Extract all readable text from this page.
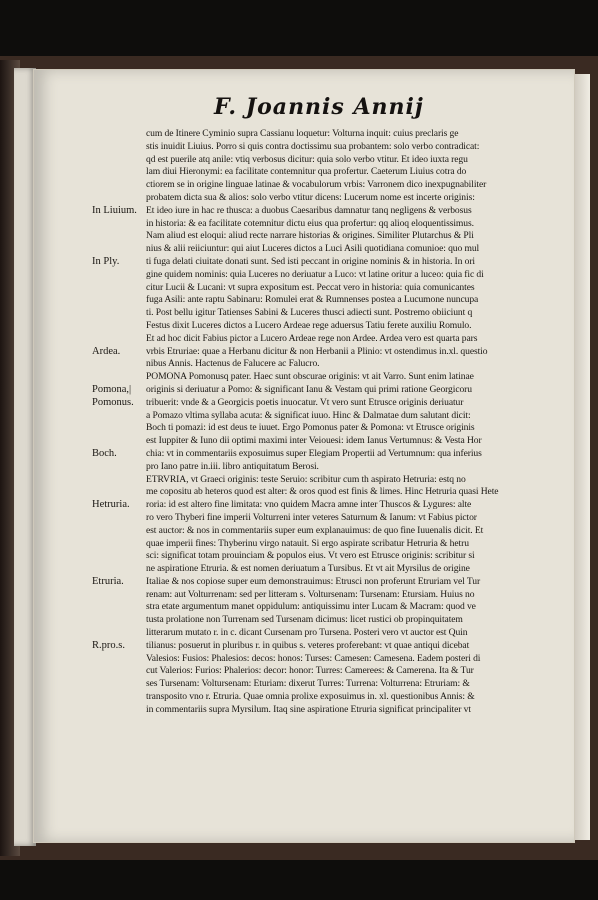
F. Joannis Annij
In Liuium.
In Ply.
Ardea.
Pomona,|
Pomonus.
Boch.
Hetruria.
Etruria.
R.pro.s.
cum de Itinere Cyminio supra Cassianu loquetur: Volturna inquit: cuius preclaris ge
stis inuidit Liuius. Porro si quis contra doctissimu sua probantem: solo verbo contradicat:
qd est puerile atq anile: vtiq verbosus dicitur: quia solo verbo vtitur. Et ideo iuxta regu
lam diui Hieronymi: ea facilitate contemnitur qua profertur. Caeterum Liuius cotra do
ctiorem se in origine linguae latinae & vocabulorum vrbis: Varronem dico inexpugnabiliter
probatem dicta sua & alios: solo verbo vtitur dicens: Lucerum nome est incerte originis:
Et ideo iure in hac re thusca: a duobus Caesaribus damnatur tanq negligens & verbosus
in historia: & ea facilitate cotemnitur dictu eius qua profertur: qq alioq eloquentissimus.
Nam aliud est eloqui: aliud recte narrare historias & origines. Similiter Plutarchus & Pli
nius & alii reiiciuntur: qui aiut Luceres dictos a Luci Asili quotidiana comunioe: quo mul
ti fuga delati ciuitate donati sunt. Sed isti peccant in origine nominis & in historia. In ori
gine quidem nominis: quia Luceres no deriuatur a Luco: vt latine oritur a luceo: quia fic di
citur Lucii & Lucani: vt supra expositum est. Peccat vero in historia: quia comunicantes
fuga Asili: ante raptu Sabinaru: Romulei erat & Rumnenses postea a Lucumone nuncupa
ti. Post bellu igitur Tatienses Sabini & Luceres thusci adiecti sunt. Postremo obiiciunt q
Festus dixit Luceres dictos a Lucero Ardeae rege aduersus Tatiu ferete auxiliu Romulo.
Et ad hoc dicit Fabius pictor a Lucero Ardeae rege non Ardee. Ardea vero est quarta pars
vrbis Etruriae: quae a Herbanu dicitur & non Herbanii a Plinio: vt ostendimus in.xl. questio
nibus Annis. Hactenus de Falucere ac Falucro.
POMONA Pomonusq pater. Haec sunt obscurae originis: vt ait Varro. Sunt enim latinae
originis si deriuatur a Pomo: & significant Ianu & Vestam qui primi ratione Georgicoru
tribuerit: vnde & a Georgicis poetis inuocatur. Vt vero sunt Etrusce originis deriuatur
a Pomazo vltima syllaba acuta: & significat iuuo. Hinc & Dalmatae dum salutant dicit:
Boch ti pomazi: id est deus te iuuet. Ergo Pomonus pater & Pomona: vt Etrusce originis
est Iuppiter & Iuno dii optimi maximi inter Veiouesi: idem Ianus Vertumnus: & Vesta Hor
chia: vt in commentariis exposuimus super Elegiam Propertii ad Vertumnum: qua inferius
pro Iano patre in.iii. libro antiquitatum Berosi.
ETRVRIA, vt Graeci originis: teste Seruio: scribitur cum th aspirato Hetruria: estq no
me copositu ab heteros quod est alter: & oros quod est finis & limes. Hinc Hetruria quasi Hete
roria: id est altero fine limitata: vno quidem Macra amne inter Thuscos & Lygures: alte
ro vero Thyberi fine imperii Volturreni inter veteres Saturnum & Ianum: vt Fabius pictor
est auctor: & nos in commentariis super eum explanauimus: de quo fine Iuuenalis dicit. Et
quae imperii fines: Thyberinu virgo natauit. Si ergo aspirate scribatur Hetruria & hetru
sci: significat totam prouinciam & populos eius. Vt vero est Etrusce originis: scribitur si
ne aspiratione Etruria. & est nomen deriuatum a Tursibus. Et vt ait Myrsilus de origine
Italiae & nos copiose super eum demonstrauimus: Etrusci non proferunt Etruriam vel Tur
renam: aut Volturrenam: sed per litteram s. Voltursenam: Tursenam: Etursiam. Huius no
stra etate argumentum manet oppidulum: antiquissimu inter Lucam & Macram: quod ve
tusta prolatione non Turrenam sed Tursenam dicimus: licet rustici ob propinquitatem
litterarum mutato r. in c. dicant Cursenam pro Tursena. Posteri vero vt auctor est Quin
tilianus: posuerut in pluribus r. in quibus s. veteres proferebant: vt quae antiqui dicebat
Valesios: Fusios: Phalesios: decos: honos: Turses: Camesen: Camesena. Eadem posteri di
cut Valerios: Furios: Phalerios: decor: honor: Turres: Camerees: & Camerena. Ita & Tur
ses Tursenam: Voltursenam: Eturiam: dixerut Turres: Turrena: Volturrena: Etruriam: &
transposito vno r. Etruria. Quae omnia prolixe exposuimus in. xl. questionibus Annis: &
in commentariis supra Myrsilum. Itaq sine aspiratione Etruria significat principaliter vt
